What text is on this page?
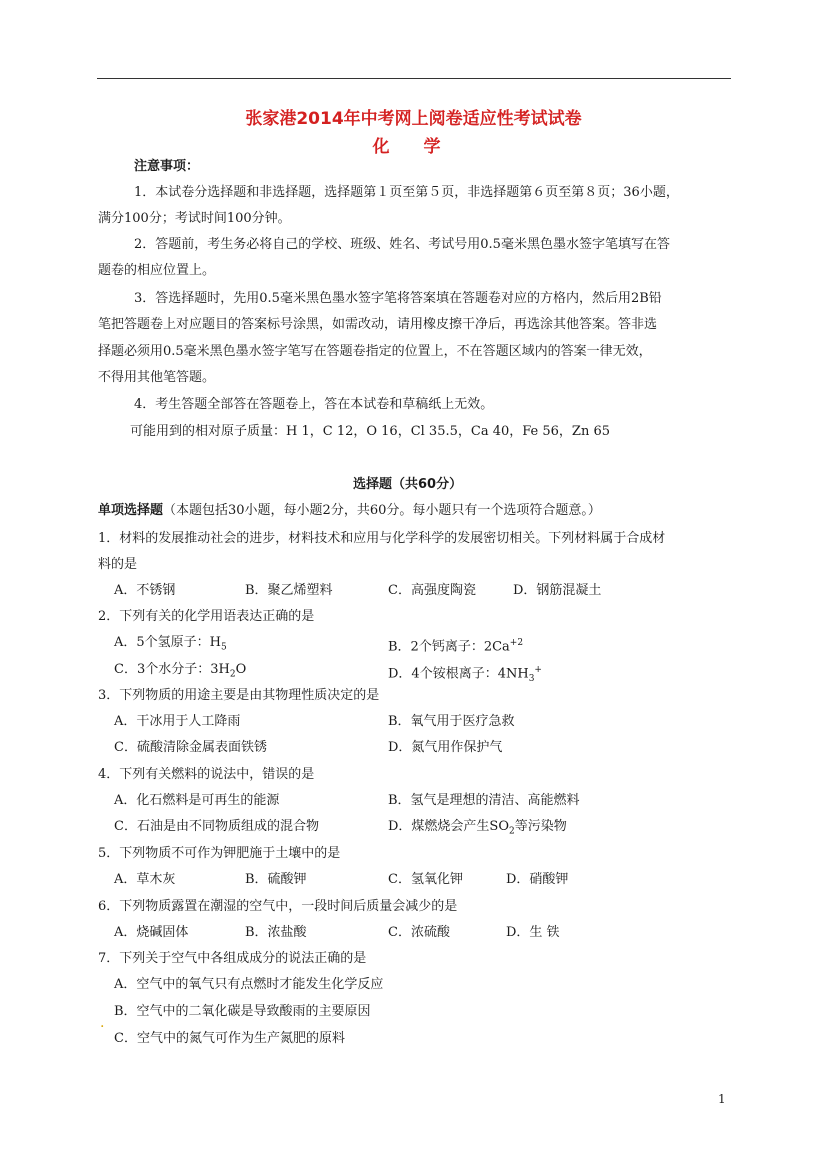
张家港2014年中考网上阅卷适应性考试试卷
化 学
注意事项：
1．本试卷分选择题和非选择题，选择题第１页至第５页，非选择题第６页至第８页；36小题，
满分100分；考试时间100分钟。
2．答题前，考生务必将自己的学校、班级、姓名、考试号用0.5毫米黑色墨水签字笔填写在答
题卷的相应位置上。
3．答选择题时，先用0.5毫米黑色墨水签字笔将答案填在答题卷对应的方格内，然后用2B铅
笔把答题卷上对应题目的答案标号涂黑，如需改动，请用橡皮擦干净后，再选涂其他答案。答非选
择题必须用0.5毫米黑色墨水签字笔写在答题卷指定的位置上，不在答题区域内的答案一律无效，
不得用其他笔答题。
4．考生答题全部答在答题卷上，答在本试卷和草稿纸上无效。
可能用到的相对原子质量：H 1，C 12，O 16，Cl 35.5，Ca 40，Fe 56，Zn 65
选择题（共60分）
单项选择题（本题包括30小题，每小题2分，共60分。每小题只有一个选项符合题意。）
1．材料的发展推动社会的进步，材料技术和应用与化学科学的发展密切相关。下列材料属于合成材
料的是
A．不锈钢	B．聚乙烯塑料	C．高强度陶瓷	D．钢筋混凝土
2．下列有关的化学用语表达正确的是
A．5个氢原子：$H_5$	B．2个钙离子：$2Ca^{+2}$
C．3个水分子：$3H_2O$	D．4个铵根离子：$4NH_3^+$
3．下列物质的用途主要是由其物理性质决定的是
A．干冰用于人工降雨	B．氧气用于医疗急救
C．硫酸清除金属表面铁锈	D．氮气用作保护气
4．下列有关燃料的说法中，错误的是
A．化石燃料是可再生的能源	B．氢气是理想的清洁、高能燃料
C．石油是由不同物质组成的混合物	D．煤燃烧会产生$SO_2$等污染物
5．下列物质不可作为钾肥施于土壤中的是
A．草木灰	B．硫酸钾	C．氢氧化钾	D．硝酸钾
6．下列物质露置在潮湿的空气中，一段时间后质量会减少的是
A．烧碱固体	B．浓盐酸	C．浓硫酸	D．生 铁
7．下列关于空气中各组成成分的说法正确的是
A．空气中的氧气只有点燃时才能发生化学反应
.
B．空气中的二氧化碳是导致酸雨的主要原因
C．空气中的氮气可作为生产氮肥的原料
1
